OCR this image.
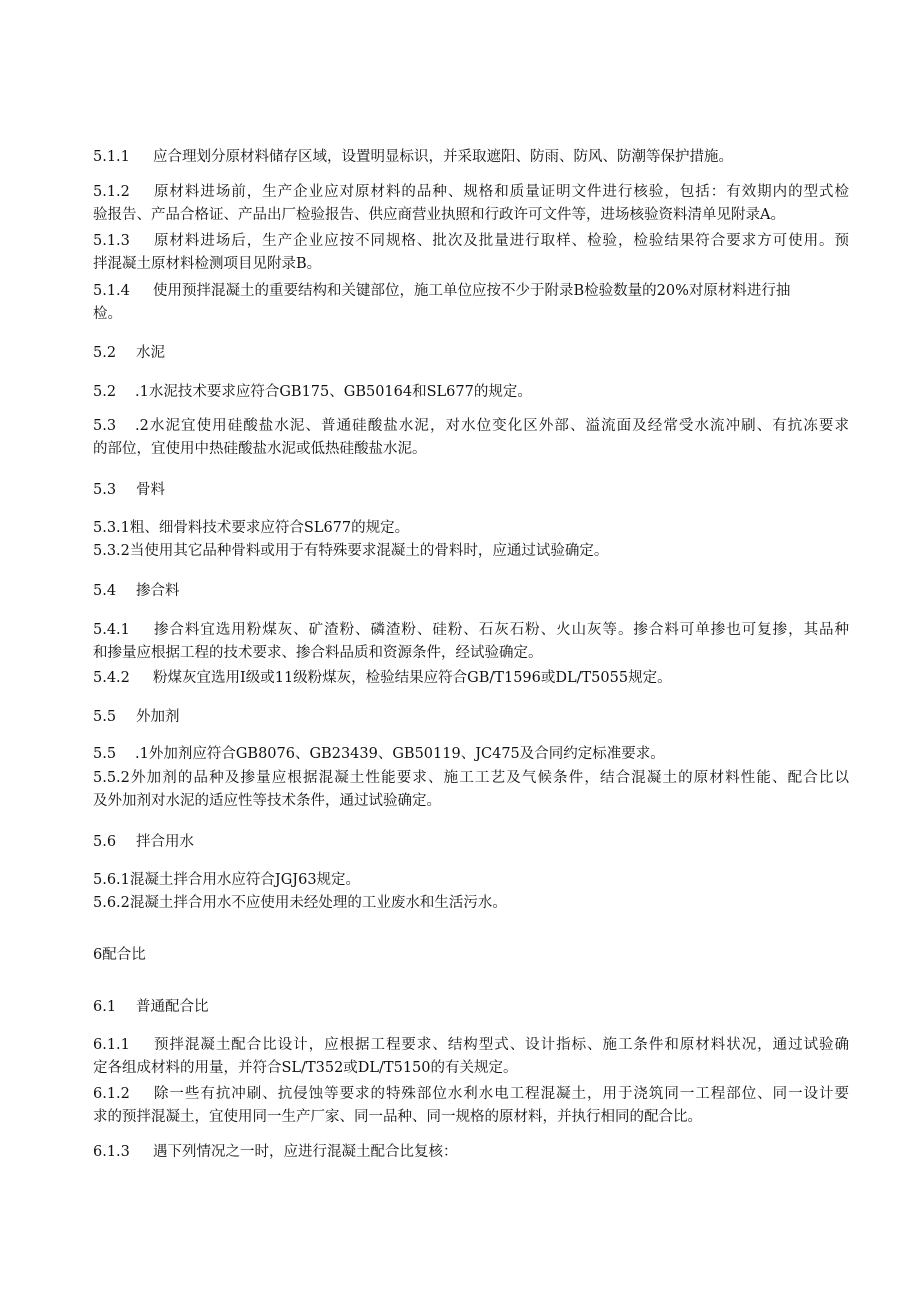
5.1.1 应合理划分原材料储存区域，设置明显标识，并采取遮阳、防雨、防风、防潮等保护措施。
5.1.2 原材料进场前，生产企业应对原材料的品种、规格和质量证明文件进行核验，包括：有效期内的型式检
验报告、产品合格证、产品出厂检验报告、供应商营业执照和行政许可文件等，进场核验资料清单见附录A。
5.1.3 原材料进场后，生产企业应按不同规格、批次及批量进行取样、检验，检验结果符合要求方可使用。预
拌混凝土原材料检测项目见附录B。
5.1.4 使用预拌混凝土的重要结构和关键部位，施工单位应按不少于附录B检验数量的20%对原材料进行抽
检。
5.2 水泥
5.2 .1水泥技术要求应符合GB175、GB50164和SL677的规定。
5.3 .2水泥宜使用硅酸盐水泥、普通硅酸盐水泥，对水位变化区外部、溢流面及经常受水流冲刷、有抗冻要求
的部位，宜使用中热硅酸盐水泥或低热硅酸盐水泥。
5.3 骨料
5.3.1粗、细骨料技术要求应符合SL677的规定。
5.3.2当使用其它品种骨料或用于有特殊要求混凝土的骨料时，应通过试验确定。
5.4 掺合料
5.4.1 掺合料宜选用粉煤灰、矿渣粉、磷渣粉、硅粉、石灰石粉、火山灰等。掺合料可单掺也可复掺，其品种
和掺量应根据工程的技术要求、掺合料品质和资源条件，经试验确定。
5.4.2 粉煤灰宜选用I级或11级粉煤灰，检验结果应符合GB/T1596或DL/T5055规定。
5.5 外加剂
5.5 .1外加剂应符合GB8076、GB23439、GB50119、JC475及合同约定标准要求。
5.5.2外加剂的品种及掺量应根据混凝土性能要求、施工工艺及气候条件，结合混凝土的原材料性能、配合比以
及外加剂对水泥的适应性等技术条件，通过试验确定。
5.6 拌合用水
5.6.1混凝土拌合用水应符合JGJ63规定。
5.6.2混凝土拌合用水不应使用未经处理的工业废水和生活污水。
6配合比
6.1 普通配合比
6.1.1 预拌混凝土配合比设计，应根据工程要求、结构型式、设计指标、施工条件和原材料状况，通过试验确
定各组成材料的用量，并符合SL/T352或DL/T5150的有关规定。
6.1.2 除一些有抗冲刷、抗侵蚀等要求的特殊部位水利水电工程混凝土，用于浇筑同一工程部位、同一设计要
求的预拌混凝土，宜使用同一生产厂家、同一品种、同一规格的原材料，并执行相同的配合比。
6.1.3 遇下列情况之一时，应进行混凝土配合比复核：
